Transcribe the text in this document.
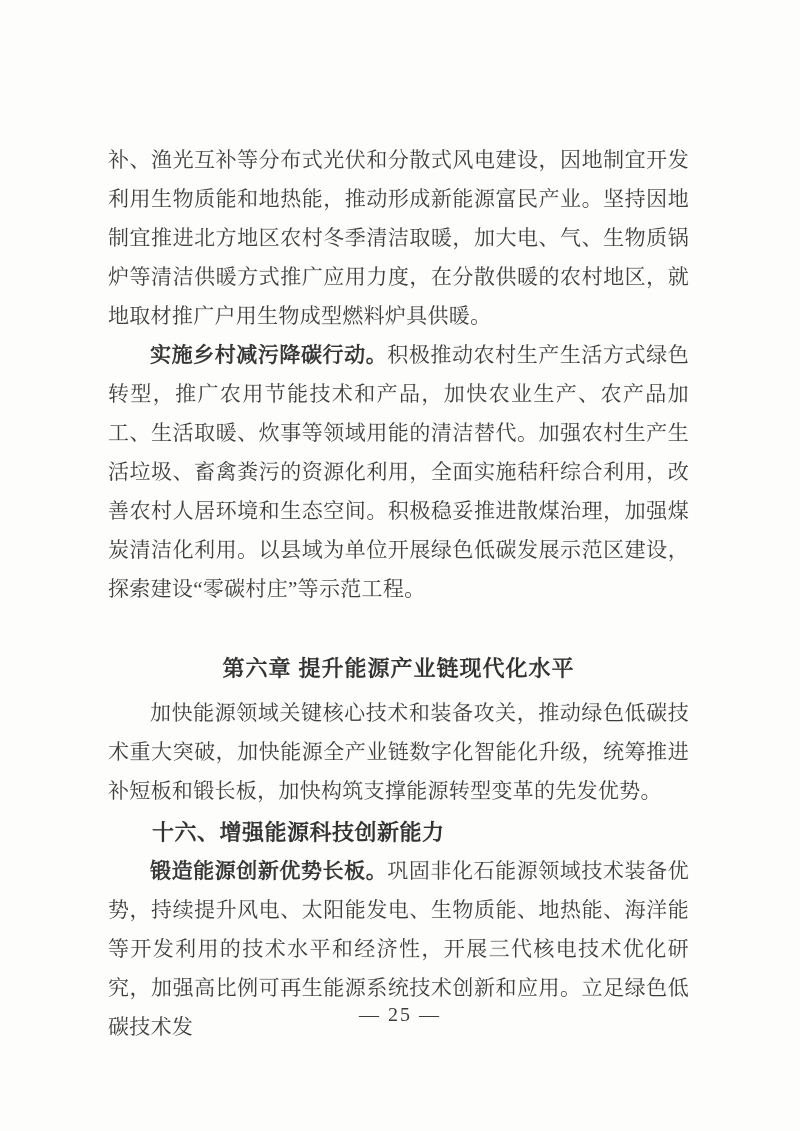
补、渔光互补等分布式光伏和分散式风电建设，因地制宜开发利用生物质能和地热能，推动形成新能源富民产业。坚持因地制宜推进北方地区农村冬季清洁取暖，加大电、气、生物质锅炉等清洁供暖方式推广应用力度，在分散供暖的农村地区，就地取材推广户用生物成型燃料炉具供暖。

实施乡村减污降碳行动。积极推动农村生产生活方式绿色转型，推广农用节能技术和产品，加快农业生产、农产品加工、生活取暖、炊事等领域用能的清洁替代。加强农村生产生活垃圾、畜禽粪污的资源化利用，全面实施秸秆综合利用，改善农村人居环境和生态空间。积极稳妥推进散煤治理，加强煤炭清洁化利用。以县域为单位开展绿色低碳发展示范区建设，探索建设“零碳村庄”等示范工程。

第六章 提升能源产业链现代化水平

加快能源领域关键核心技术和装备攻关，推动绿色低碳技术重大突破，加快能源全产业链数字化智能化升级，统筹推进补短板和锻长板，加快构筑支撑能源转型变革的先发优势。

十六、增强能源科技创新能力

锻造能源创新优势长板。巩固非化石能源领域技术装备优势，持续提升风电、太阳能发电、生物质能、地热能、海洋能等开发利用的技术水平和经济性，开展三代核电技术优化研究，加强高比例可再生能源系统技术创新和应用。立足绿色低碳技术发	— 25 —
